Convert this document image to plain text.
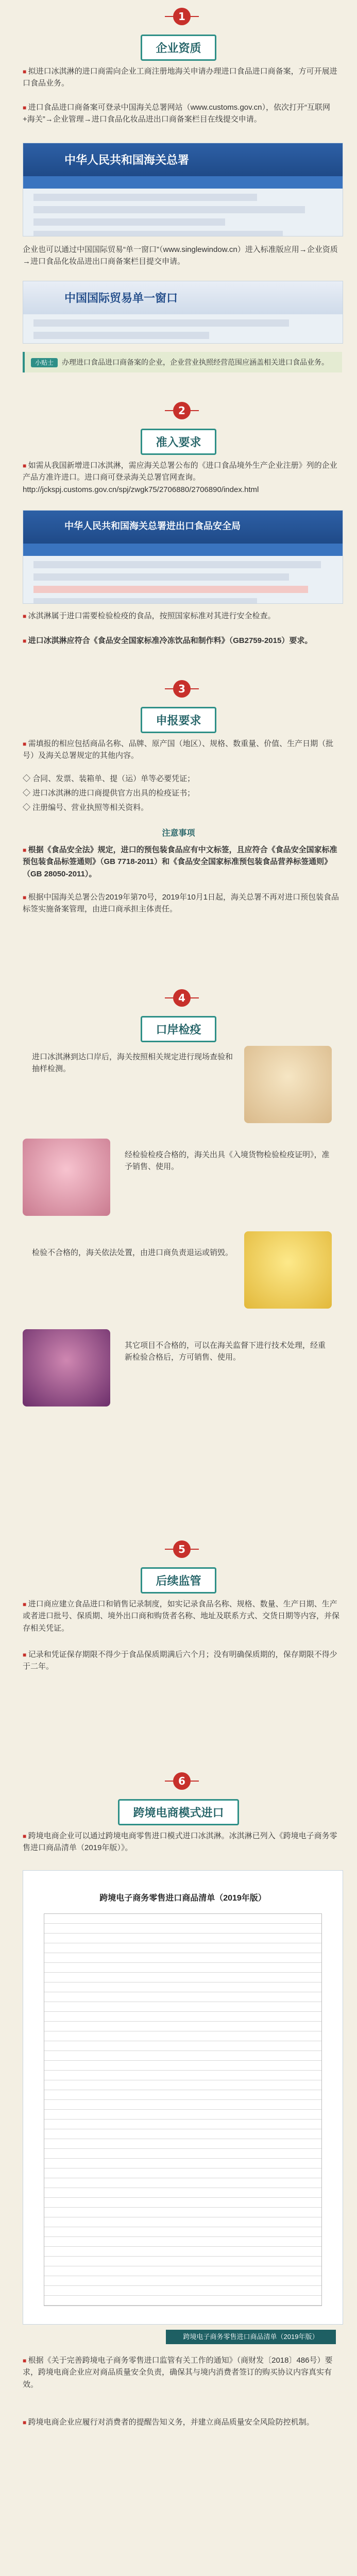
1
企业资质
■ 拟进口冰淇淋的进口商需向企业工商注册地海关申请办理进口食品进口商备案，方可开展进口食品业务。
■ 进口食品进口商备案可登录中国海关总署网站（www.customs.gov.cn），依次打开“互联网+海关”→企业管理→进口食品化妆品进出口商备案栏目在线提交申请。
中华人民共和国海关总署
企业也可以通过中国国际贸易“单一窗口”（www.singlewindow.cn）进入标准版应用→企业资质→进口食品化妆品进出口商备案栏目提交申请。
中国国际贸易单一窗口
小贴士 办理进口食品进口商备案的企业，企业营业执照经营范围应涵盖相关进口食品业务。
2
准入要求
■ 如需从我国新增进口冰淇淋，需应海关总署公布的《进口食品境外生产企业注册》列的企业产品方准许进口。进口商可登录海关总署官网查询。http://jckspj.customs.gov.cn/spj/zwgk75/2706880/2706890/index.html
中华人民共和国海关总署进出口食品安全局
■ 冰淇淋属于进口需要检验检疫的食品，按照国家标准对其进行安全检查。
■ 进口冰淇淋应符合《食品安全国家标准冷冻饮品和制作料》（GB2759-2015）要求。
3
申报要求
■ 需填报的相应包括商品名称、品牌、原产国（地区）、规格、数重量、价值、生产日期（批号）及海关总署规定的其他内容。
◇ 合同、发票、装箱单、提（运）单等必要凭证；
◇ 进口冰淇淋的进口商提供官方出具的检疫证书；
◇ 注册编号、营业执照等相关资料。
注意事项
■ 根据《食品安全法》规定，进口的预包装食品应有中文标签，且应符合《食品安全国家标准预包装食品标签通则》（GB 7718-2011）和《食品安全国家标准预包装食品营养标签通则》（GB 28050-2011）。
■ 根据中国海关总署公告2019年第70号，2019年10月1日起，海关总署不再对进口预包装食品标签实施备案管理，由进口商承担主体责任。
4
口岸检疫
进口冰淇淋到达口岸后，海关按照相关规定进行现场查验和抽样检测。
经检验检疫合格的，海关出具《入境货物检验检疫证明》，准予销售、使用。
检验不合格的，海关依法处置，由进口商负责退运或销毁。
其它项目不合格的，可以在海关监督下进行技术处理，经重新检验合格后，方可销售、使用。
5
后续监管
■ 进口商应建立食品进口和销售记录制度，如实记录食品名称、规格、数量、生产日期、生产或者进口批号、保质期、境外出口商和购货者名称、地址及联系方式、交货日期等内容，并保存相关凭证。
■ 记录和凭证保存期限不得少于食品保质期满后六个月；没有明确保质期的，保存期限不得少于二年。
6
跨境电商模式进口
■ 跨境电商企业可以通过跨境电商零售进口模式进口冰淇淋。冰淇淋已列入《跨境电子商务零售进口商品清单（2019年版）》。
跨境电子商务零售进口商品清单（2019年版）
跨境电子商务零售进口商品清单（2019年版）
■ 根据《关于完善跨境电子商务零售进口监管有关工作的通知》（商财发〔2018〕486号）要求，跨境电商企业应对商品质量安全负责，确保其与境内消费者签订的购买协议内容真实有效。
■ 跨境电商企业应履行对消费者的提醒告知义务，并建立商品质量安全风险防控机制。
